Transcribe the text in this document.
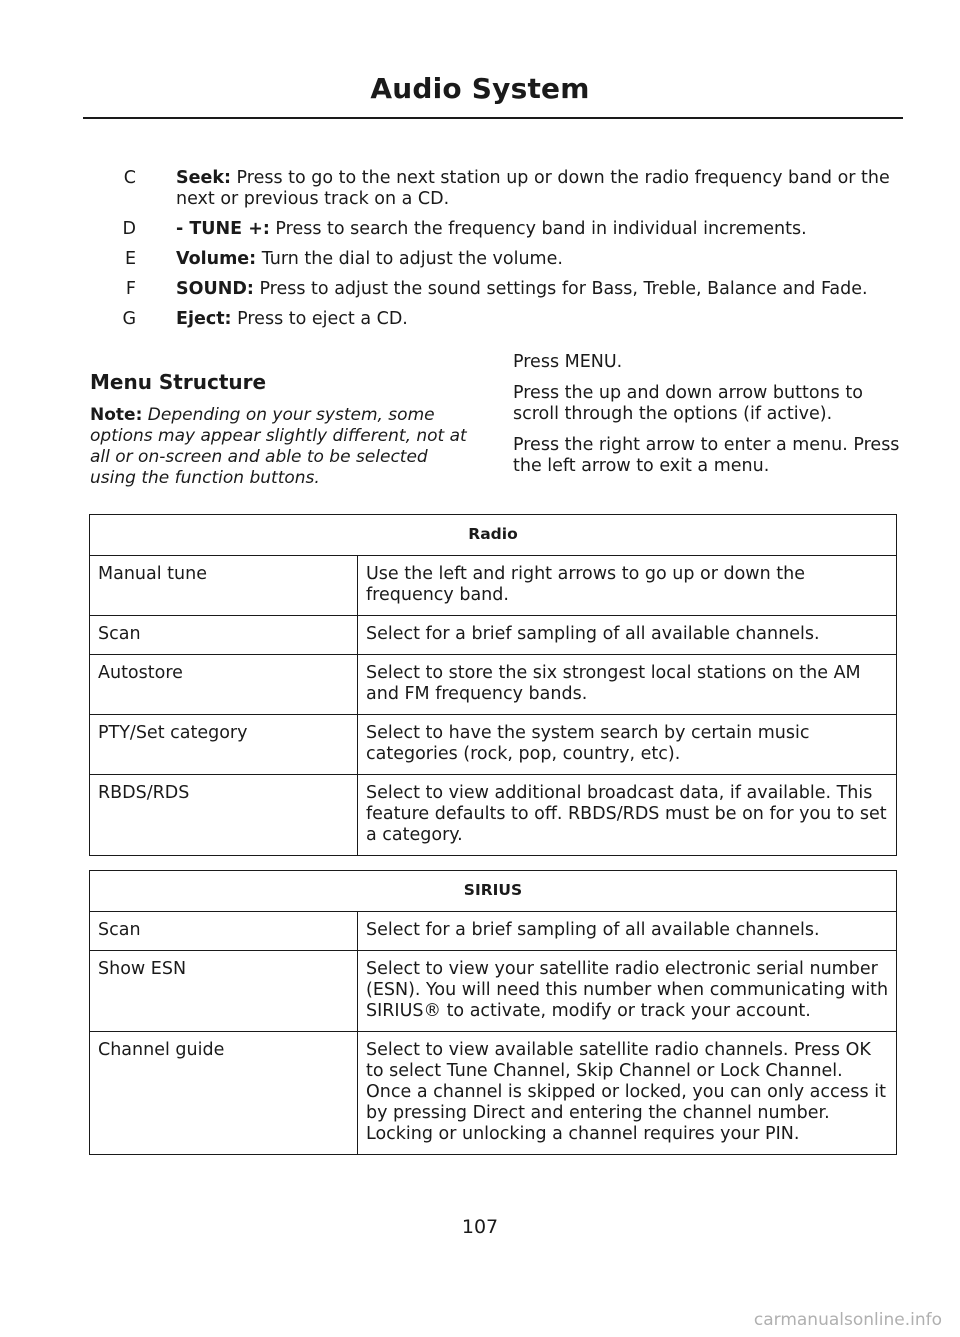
Audio System
C Seek: Press to go to the next station up or down the radio frequency band or the next or previous track on a CD.
D - TUNE +: Press to search the frequency band in individual increments.
E Volume: Turn the dial to adjust the volume.
F SOUND: Press to adjust the sound settings for Bass, Treble, Balance and Fade.
G Eject: Press to eject a CD.
Menu Structure
Note: Depending on your system, some options may appear slightly different, not at all or on-screen and able to be selected using the function buttons.

Press MENU.

Press the up and down arrow buttons to scroll through the options (if active).

Press the right arrow to enter a menu. Press the left arrow to exit a menu.

Radio	
Manual tune	Use the left and right arrows to go up or down the frequency band.
Scan	Select for a brief sampling of all available channels.
Autostore	Select to store the six strongest local stations on the AM and FM frequency bands.
PTY/Set category	Select to have the system search by certain music categories (rock, pop, country, etc).
RBDS/RDS	Select to view additional broadcast data, if available. This feature defaults to off. RBDS/RDS must be on for you to set a category.
SIRIUS	
Scan	Select for a brief sampling of all available channels.
Show ESN	Select to view your satellite radio electronic serial number (ESN). You will need this number when communicating with SIRIUS® to activate, modify or track your account.
Channel guide	Select to view available satellite radio channels. Press OK to select Tune Channel, Skip Channel or Lock Channel. Once a channel is skipped or locked, you can only access it by pressing Direct and entering the channel number. Locking or unlocking a channel requires your PIN.
107
carmanualsonline.info
